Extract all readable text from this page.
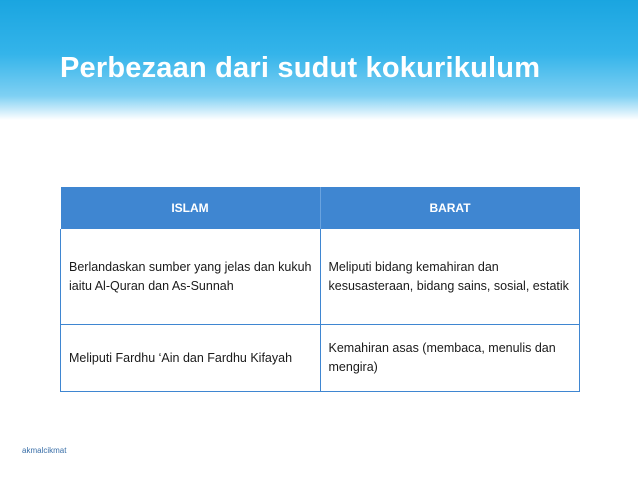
Perbezaan dari sudut kokurikulum
ISLAM	BARAT
Berlandaskan sumber yang jelas dan kukuh iaitu Al-Quran dan As-Sunnah	Meliputi bidang kemahiran dan kesusasteraan, bidang sains, sosial, estatik
Meliputi Fardhu ‘Ain dan Fardhu Kifayah	Kemahiran asas (membaca, menulis dan mengira)
akmalcikmat
